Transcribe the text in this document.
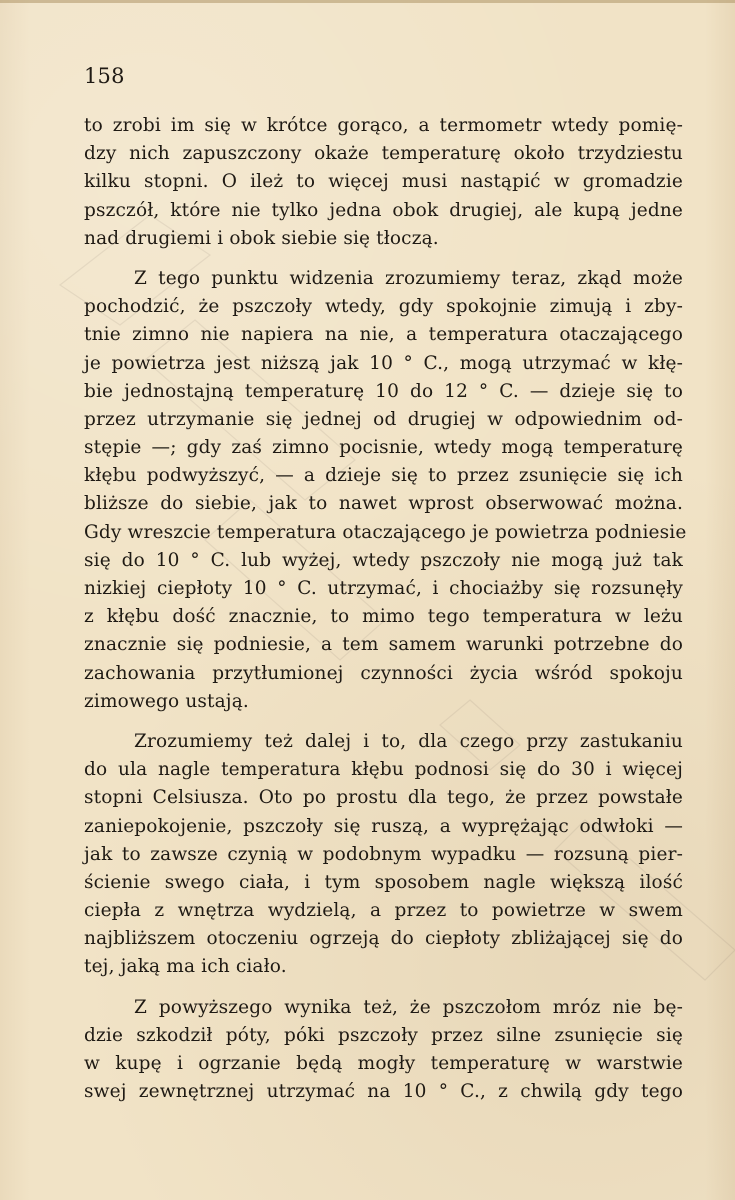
158
to zrobi im się w krótce gorąco, a termometr wtedy pomię-
dzy nich zapuszczony okaże temperaturę około trzydziestu
kilku stopni. O ileż to więcej musi nastąpić w gromadzie
pszczół, które nie tylko jedna obok drugiej, ale kupą jedne
nad drugiemi i obok siebie się tłoczą.
Z tego punktu widzenia zrozumiemy teraz, zkąd może
pochodzić, że pszczoły wtedy, gdy spokojnie zimują i zby-
tnie zimno nie napiera na nie, a temperatura otaczającego
je powietrza jest niższą jak 10 ° C., mogą utrzymać w kłę-
bie jednostajną temperaturę 10 do 12 ° C. — dzieje się to
przez utrzymanie się jednej od drugiej w odpowiednim od-
stępie —; gdy zaś zimno pocisnie, wtedy mogą temperaturę
kłębu podwyższyć, — a dzieje się to przez zsunięcie się ich
bliższe do siebie, jak to nawet wprost obserwować można.
Gdy wreszcie temperatura otaczającego je powietrza podniesie
się do 10 ° C. lub wyżej, wtedy pszczoły nie mogą już tak
nizkiej ciepłoty 10 ° C. utrzymać, i chociażby się rozsunęły
z kłębu dość znacznie, to mimo tego temperatura w leżu
znacznie się podniesie, a tem samem warunki potrzebne do
zachowania przytłumionej czynności życia wśród spokoju
zimowego ustają.
Zrozumiemy też dalej i to, dla czego przy zastukaniu
do ula nagle temperatura kłębu podnosi się do 30 i więcej
stopni Celsiusza. Oto po prostu dla tego, że przez powstałe
zaniepokojenie, pszczoły się ruszą, a wyprężając odwłoki —
jak to zawsze czynią w podobnym wypadku — rozsuną pier-
ścienie swego ciała, i tym sposobem nagle większą ilość
ciepła z wnętrza wydzielą, a przez to powietrze w swem
najbliższem otoczeniu ogrzeją do ciepłoty zbliżającej się do
tej, jaką ma ich ciało.
Z powyższego wynika też, że pszczołom mróz nie bę-
dzie szkodził póty, póki pszczoły przez silne zsunięcie się
w kupę i ogrzanie będą mogły temperaturę w warstwie
swej zewnętrznej utrzymać na 10 ° C., z chwilą gdy tego
